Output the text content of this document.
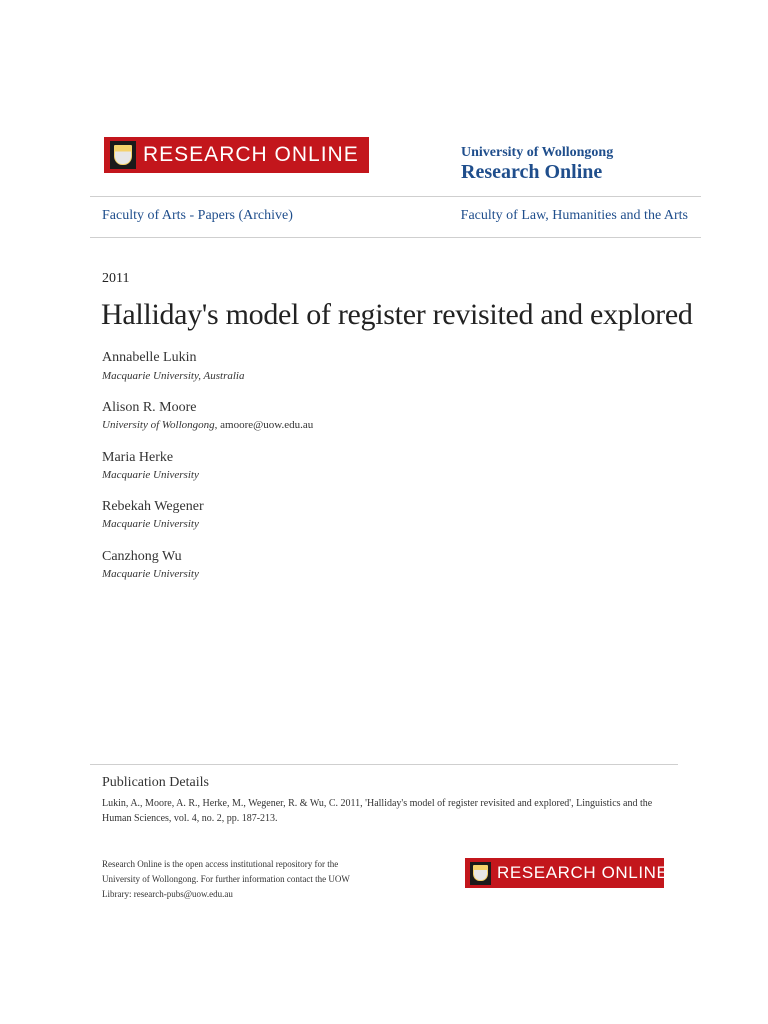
RESEARCH ONLINE	University of Wollongong
Research Online
Faculty of Arts - Papers (Archive)	Faculty of Law, Humanities and the Arts
2011
Halliday's model of register revisited and explored
Annabelle Lukin
Macquarie University, Australia
Alison R. Moore
University of Wollongong, amoore@uow.edu.au
Maria Herke
Macquarie University
Rebekah Wegener
Macquarie University
Canzhong Wu
Macquarie University
Publication Details
Lukin, A., Moore, A. R., Herke, M., Wegener, R. & Wu, C. 2011, 'Halliday's model of register revisited and explored', Linguistics and the Human Sciences, vol. 4, no. 2, pp. 187-213.
Research Online is the open access institutional repository for the University of Wollongong. For further information contact the UOW Library: research-pubs@uow.edu.au
RESEARCH ONLINE
